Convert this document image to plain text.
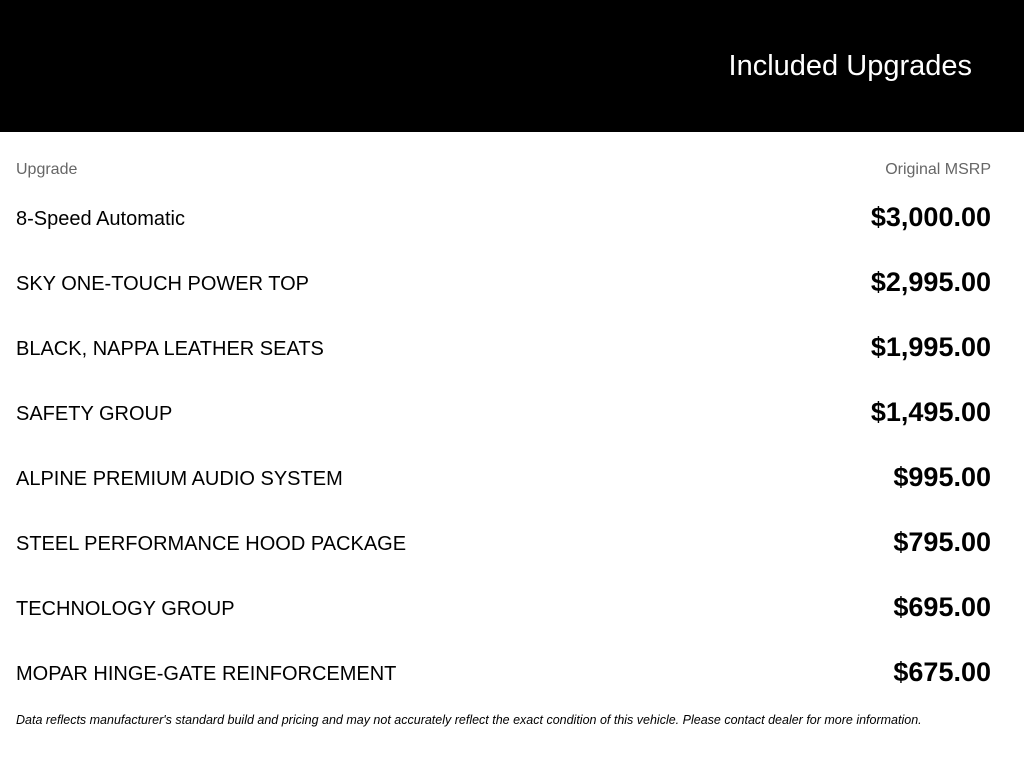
Included Upgrades
Upgrade	Original MSRP
8-Speed Automatic	$3,000.00
SKY ONE-TOUCH POWER TOP	$2,995.00
BLACK, NAPPA LEATHER SEATS	$1,995.00
SAFETY GROUP	$1,495.00
ALPINE PREMIUM AUDIO SYSTEM	$995.00
STEEL PERFORMANCE HOOD PACKAGE	$795.00
TECHNOLOGY GROUP	$695.00
MOPAR HINGE-GATE REINFORCEMENT	$675.00
Data reflects manufacturer's standard build and pricing and may not accurately reflect the exact condition of this vehicle. Please contact dealer for more information.
